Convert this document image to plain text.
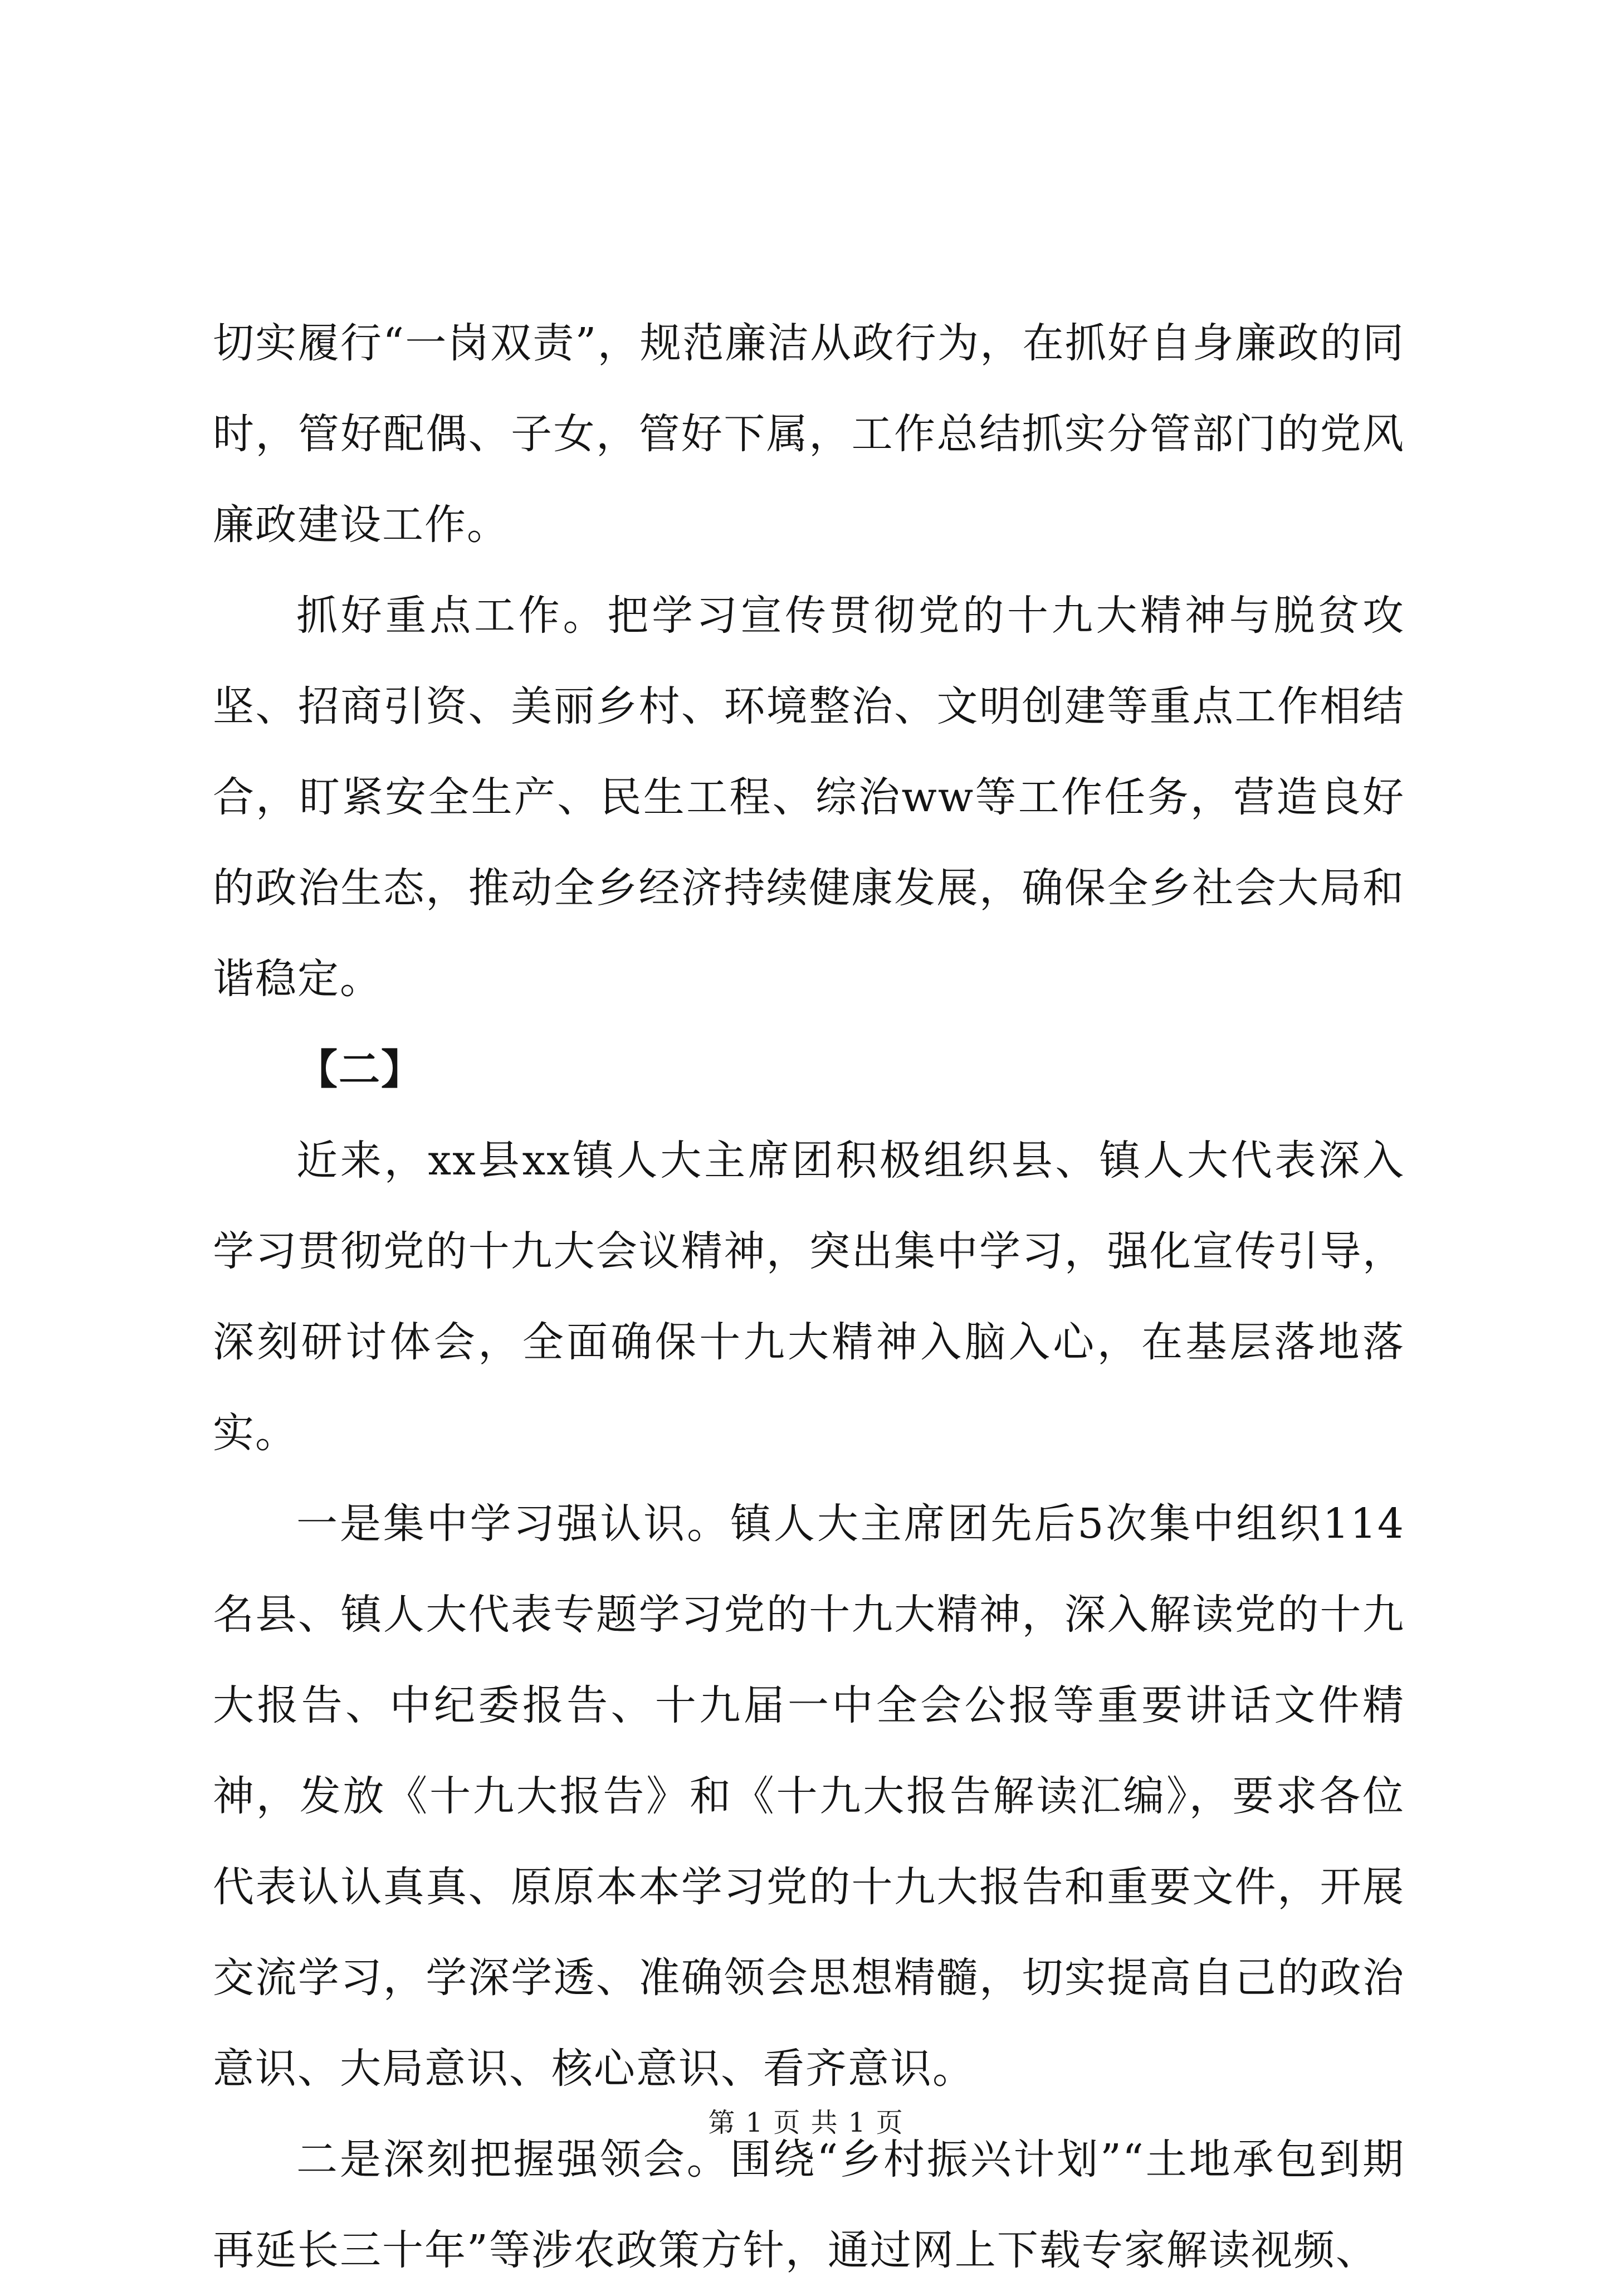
切实履行“一岗双责”，规范廉洁从政行为，在抓好自身廉政的同时，管好配偶、子女，管好下属，工作总结抓实分管部门的党风廉政建设工作。

抓好重点工作。把学习宣传贯彻党的十九大精神与脱贫攻坚、招商引资、美丽乡村、环境整治、文明创建等重点工作相结合，盯紧安全生产、民生工程、综治ww等工作任务，营造良好的政治生态，推动全乡经济持续健康发展，确保全乡社会大局和谐稳定。

【二】

近来，xx县xx镇人大主席团积极组织县、镇人大代表深入学习贯彻党的十九大会议精神，突出集中学习，强化宣传引导，深刻研讨体会，全面确保十九大精神入脑入心，在基层落地落实。

一是集中学习强认识。镇人大主席团先后5次集中组织114名县、镇人大代表专题学习党的十九大精神，深入解读党的十九大报告、中纪委报告、十九届一中全会公报等重要讲话文件精神，发放《十九大报告》和《十九大报告解读汇编》，要求各位代表认认真真、原原本本学习党的十九大报告和重要文件，开展交流学习，学深学透、准确领会思想精髓，切实提高自己的政治意识、大局意识、核心意识、看齐意识。

二是深刻把握强领会。围绕“乡村振兴计划”“土地承包到期再延长三十年”等涉农政策方针，通过网上下载专家解读视频、

第 1 页 共 1 页
